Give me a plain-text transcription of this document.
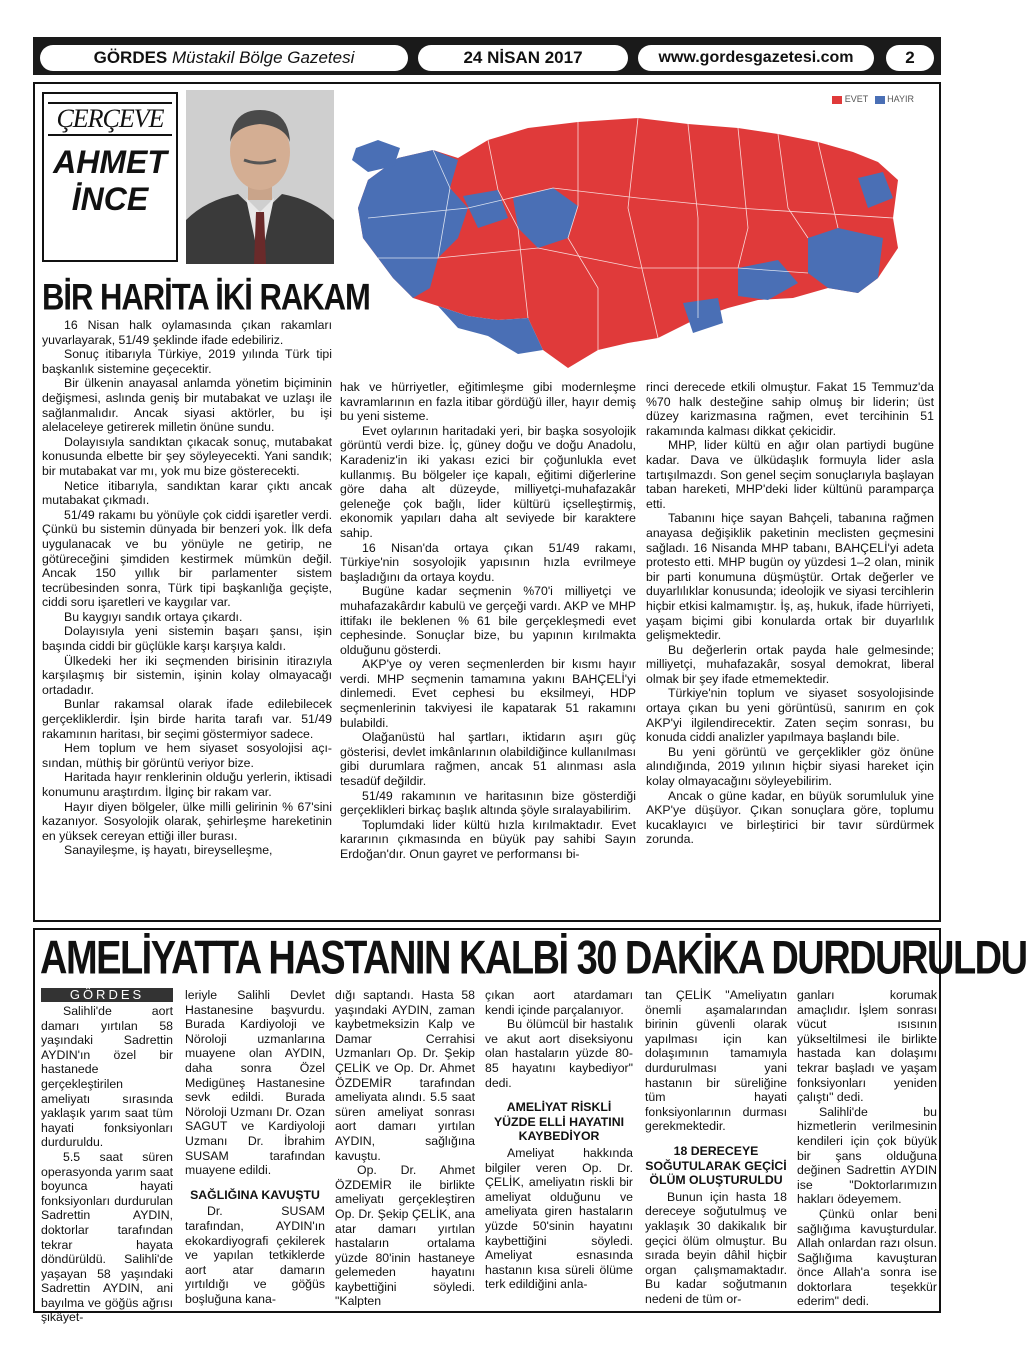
GÖRDES Müstakil Bölge Gazetesi	24 NİSAN 2017	www.gordesgazetesi.com	2
ÇERÇEVE
AHMET
İNCE
EVET HAYIR
BİR HARİTA İKİ RAKAM

16 Nisan halk oylamasında çıkan rakamları yuvarlayarak, 51/49 şeklinde ifade edebiliriz.

Sonuç itibarıyla Türkiye, 2019 yılında Türk tipi başkanlık sistemine geçecektir.

Bir ülkenin anayasal anlamda yönetim biçiminin değişmesi, aslında geniş bir mutabakat ve uzlaşı ile sağlanmalıdır. Ancak siyasi aktörler, bu işi alelaceleye getirerek milletin önüne sundu.

Dolayısıyla sandıktan çıkacak sonuç, mutabakat konusunda elbette bir şey söyleyecekti. Yani sandık; bir mutabakat var mı, yok mu bize gösterecekti.

Netice itibarıyla, sandıktan karar çıktı ancak mutabakat çıkmadı.

51/49 rakamı bu yönüyle çok ciddi işaretler verdi. Çünkü bu sistemin dünyada bir benzeri yok. İlk defa uygulanacak ve bu yönüyle ne getirip, ne götüreceğini şimdiden kestirmek mümkün değil. Ancak 150 yıllık bir parlamenter sistem tecrübesinden sonra, Türk tipi başkanlığa geçişte, ciddi soru işaretleri ve kaygılar var.

Bu kaygıyı sandık ortaya çıkardı.

Dolayısıyla yeni sistemin başarı şansı, işin başında ciddi bir güçlükle karşı karşıya kaldı.

Ülkedeki her iki seçmenden birisinin itirazıyla karşılaşmış bir sistemin, işinin kolay olmayacağı ortadadır.

Bunlar rakamsal olarak ifade edilebilecek gerçekliklerdir. İşin birde harita tarafı var. 51/49 rakamının haritası, bir seçimi göstermiyor sadece.

Hem toplum ve hem siyaset sosyolojisi açı-sından, müthiş bir görüntü veriyor bize.

Haritada hayır renklerinin olduğu yerlerin, iktisadi konumunu araştırdım. İlginç bir rakam var.

Hayır diyen bölgeler, ülke milli gelirinin % 67'sini kazanıyor. Sosyolojik olarak, şehirleşme hareketinin en yüksek cereyan ettiği iller burası.

Sanayileşme, iş hayatı, bireyselleşme,

hak ve hürriyetler, eğitimleşme gibi modernleşme kavramlarının en fazla itibar gördüğü iller, hayır demiş bu yeni sisteme.

Evet oylarının haritadaki yeri, bir başka sosyolojik görüntü verdi bize. İç, güney doğu ve doğu Anadolu, Karadeniz'in iki yakası ezici bir çoğunlukla evet kullanmış. Bu bölgeler içe kapalı, eğitimi diğerlerine göre daha alt düzeyde, milliyetçi-muhafazakâr geleneğe çok bağlı, lider kültürü içselleştirmiş, ekonomik yapıları daha alt seviyede bir karaktere sahip.

16 Nisan'da ortaya çıkan 51/49 rakamı, Türkiye'nin sosyolojik yapısının hızla evrilmeye başladığını da ortaya koydu.

Bugüne kadar seçmenin %70'i milliyetçi ve muhafazakârdır kabulü ve gerçeği vardı. AKP ve MHP ittifakı ile beklenen % 61 bile gerçekleşmedi evet cephesinde. Sonuçlar bize, bu yapının kırılmakta olduğunu gösterdi.

AKP'ye oy veren seçmenlerden bir kısmı hayır verdi. MHP seçmenin tamamına yakını BAHÇELİ'yi dinlemedi. Evet cephesi bu eksilmeyi, HDP seçmenlerinin takviyesi ile kapatarak 51 rakamını bulabildi.

Olağanüstü hal şartları, iktidarın aşırı güç gösterisi, devlet imkânlarının olabildiğince kullanılması gibi durumlara rağmen, ancak 51 alınması asla tesadüf değildir.

51/49 rakamının ve haritasının bize gösterdiği gerçeklikleri birkaç başlık altında şöyle sıralayabilirim.

Toplumdaki lider kültü hızla kırılmaktadır. Evet kararının çıkmasında en büyük pay sahibi Sayın Erdoğan'dır. Onun gayret ve performansı bi-

rinci derecede etkili olmuştur. Fakat 15 Temmuz'da %70 halk desteğine sahip olmuş bir liderin; üst düzey karizmasına rağmen, evet tercihinin 51 rakamında kalması dikkat çekicidir.

MHP, lider kültü en ağır olan partiydi bugüne kadar. Dava ve ülküdaşlık formuyla lider asla tartışılmazdı. Son genel seçim sonuçlarıyla başlayan taban hareketi, MHP'deki lider kültünü paramparça etti.

Tabanını hiçe sayan Bahçeli, tabanına rağmen anayasa değişiklik paketinin meclisten geçmesini sağladı. 16 Nisanda MHP tabanı, BAHÇELİ'yi adeta protesto etti. MHP bugün oy yüzdesi 1–2 olan, minik bir parti konumuna düşmüştür. Ortak değerler ve duyarlılıklar konusunda; ideolojik ve siyasi tercihlerin hiçbir etkisi kalmamıştır. İş, aş, hukuk, ifade hürriyeti, yaşam biçimi gibi konularda ortak bir duyarlılık gelişmektedir.

Bu değerlerin ortak payda hale gelmesinde; milliyetçi, muhafazakâr, sosyal demokrat, liberal olmak bir şey ifade etmemektedir.

Türkiye'nin toplum ve siyaset sosyolojisinde ortaya çıkan bu yeni görüntüsü, sanırım en çok AKP'yi ilgilendirecektir. Zaten seçim sonrası, bu konuda ciddi analizler yapılmaya başlandı bile.

Bu yeni görüntü ve gerçeklikler göz önüne alındığında, 2019 yılının hiçbir siyasi hareket için kolay olmayacağını söyleyebilirim.

Ancak o güne kadar, en büyük sorumluluk yine AKP'ye düşüyor. Çıkan sonuçlara göre, toplumu kucaklayıcı ve birleştirici bir tavır sürdürmek zorunda.

AMELİYATTA HASTANIN KALBİ 30 DAKİKA DURDURULDU
GÖRDES

Salihli'de aort damarı yırtılan 58 yaşındaki Sadrettin AYDIN'ın özel bir hastanede gerçekleştirilen ameliyatı sırasında yaklaşık yarım saat tüm hayati fonksiyonları durduruldu.

5.5 saat süren operasyonda yarım saat boyunca hayati fonksiyonları durdurulan Sadrettin AYDIN, doktorlar tarafından tekrar hayata döndürüldü. Salihli'de yaşayan 58 yaşındaki Sadrettin AYDIN, ani bayılma ve göğüs ağrısı şikâyet-

leriyle Salihli Devlet Hastanesine başvurdu. Burada Kardiyoloji ve Nöroloji uzmanlarına muayene olan AYDIN, daha sonra Özel Medigüneş Hastanesine sevk edildi. Burada Nöroloji Uzmanı Dr. Ozan SAGUT ve Kardiyoloji Uzmanı Dr. İbrahim SUSAM tarafından muayene edildi.

SAĞLIĞINA KAVUŞTU

Dr. SUSAM tarafından, AYDIN'ın ekokardiyografi çekilerek ve yapılan tetkiklerde aort atar damarın yırtıldığı ve göğüs boşluğuna kana-

dığı saptandı. Hasta 58 yaşındaki AYDIN, zaman kaybetmeksizin Kalp ve Damar Cerrahisi Uzmanları Op. Dr. Şekip ÇELİK ve Op. Dr. Ahmet ÖZDEMİR tarafından ameliyata alındı. 5.5 saat süren ameliyat sonrası aort damarı yırtılan AYDIN, sağlığına kavuştu.

Op. Dr. Ahmet ÖZDEMİR ile birlikte ameliyatı gerçekleştiren Op. Dr. Şekip ÇELİK, ana atar damarı yırtılan hastaların ortalama yüzde 80'inin hastaneye gelemeden hayatını kaybettiğini söyledi. "Kalpten

çıkan aort atardamarı kendi içinde parçalanıyor.

Bu ölümcül bir hastalık ve akut aort diseksiyonu olan hastaların yüzde 80-85 hayatını kaybediyor" dedi.

AMELİYAT RİSKLİ YÜZDE ELLİ HAYATINI KAYBEDİYOR

Ameliyat hakkında bilgiler veren Op. Dr. ÇELİK, ameliyatın riskli bir ameliyat olduğunu ve ameliyata giren hastaların yüzde 50'sinin hayatını kaybettiğini söyledi. Ameliyat esnasında hastanın kısa süreli ölüme terk edildiğini anla-

tan ÇELİK "Ameliyatın önemli aşamalarından birinin güvenli olarak yapılması için kan dolaşımının tamamıyla durdurulması yani hastanın bir süreliğine tüm hayati fonksiyonlarının durması gerekmektedir.

18 DERECEYE SOĞUTULARAK GEÇİCİ ÖLÜM OLUŞTURULDU

Bunun için hasta 18 dereceye soğutulmuş ve yaklaşık 30 dakikalık bir geçici ölüm olmuştur. Bu sırada beyin dâhil hiçbir organ çalışmamaktadır. Bu kadar soğutmanın nedeni de tüm or-

ganları korumak amaçlıdır. İşlem sonrası vücut ısısının yükseltilmesi ile birlikte hastada kan dolaşımı tekrar başladı ve yaşam fonksiyonları yeniden çalıştı" dedi.

Salihli'de bu hizmetlerin verilmesinin kendileri için çok büyük bir şans olduğuna değinen Sadrettin AYDIN ise "Doktorlarımızın hakları ödeyemem.

Çünkü onlar beni sağlığıma kavuşturdular. Allah onlardan razı olsun. Sağlığıma kavuşturan önce Allah'a sonra ise doktorlara teşekkür ederim" dedi.
